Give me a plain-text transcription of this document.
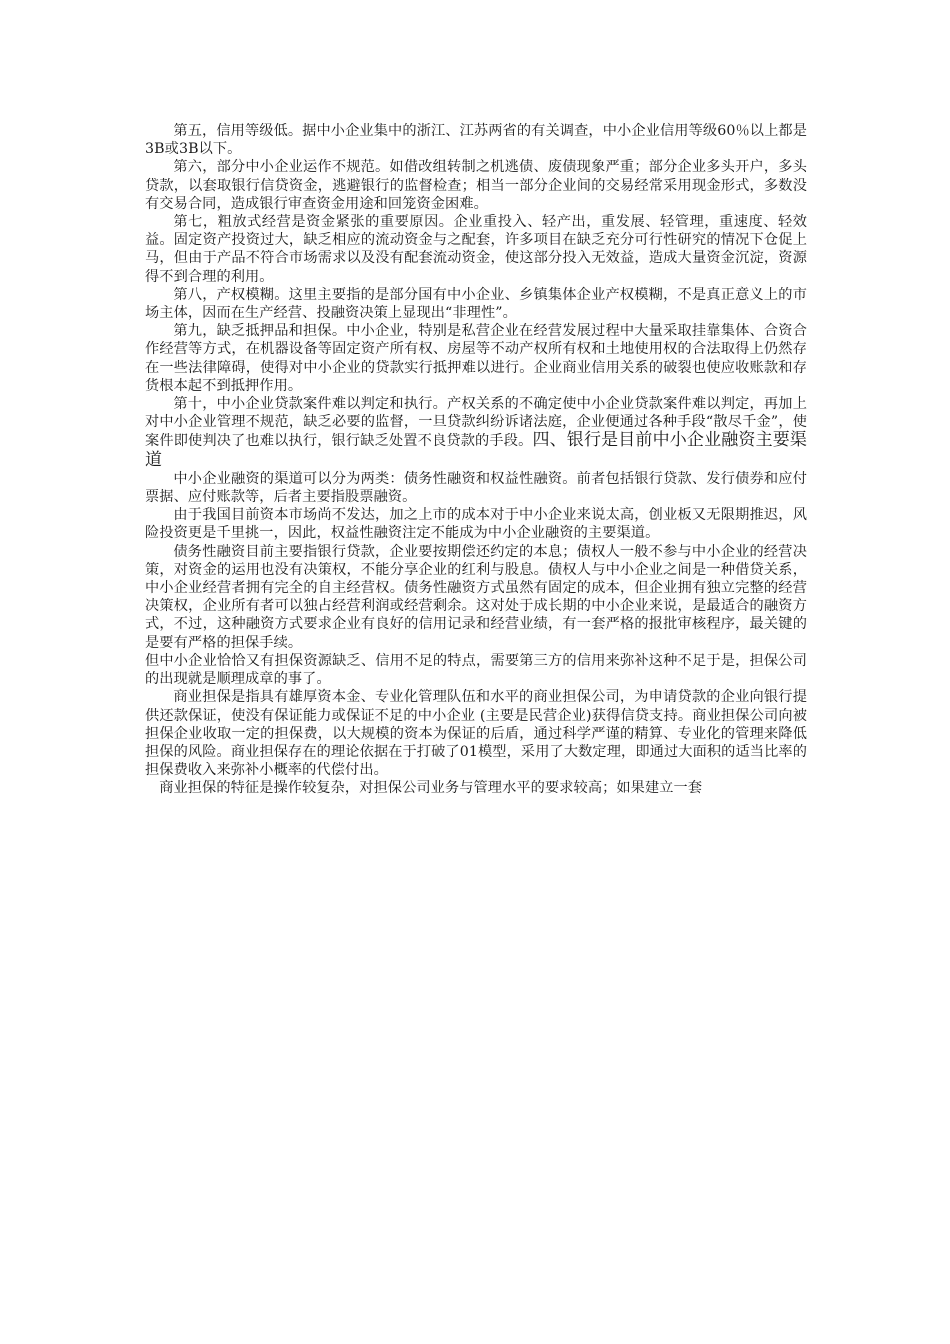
第五，信用等级低。据中小企业集中的浙江、江苏两省的有关调查，中小企业信用等级60％以上都是3B或3B以下。

第六，部分中小企业运作不规范。如借改组转制之机逃债、废债现象严重；部分企业多头开户，多头贷款，以套取银行信贷资金，逃避银行的监督检查；相当一部分企业间的交易经常采用现金形式，多数没有交易合同，造成银行审查资金用途和回笼资金困难。

第七，粗放式经营是资金紧张的重要原因。企业重投入、轻产出，重发展、轻管理，重速度、轻效益。固定资产投资过大，缺乏相应的流动资金与之配套，许多项目在缺乏充分可行性研究的情况下仓促上马，但由于产品不符合市场需求以及没有配套流动资金，使这部分投入无效益，造成大量资金沉淀，资源得不到合理的利用。

第八，产权模糊。这里主要指的是部分国有中小企业、乡镇集体企业产权模糊，不是真正意义上的市场主体，因而在生产经营、投融资决策上显现出“非理性”。

第九，缺乏抵押品和担保。中小企业，特别是私营企业在经营发展过程中大量采取挂靠集体、合资合作经营等方式，在机器设备等固定资产所有权、房屋等不动产权所有权和土地使用权的合法取得上仍然存在一些法律障碍，使得对中小企业的贷款实行抵押难以进行。企业商业信用关系的破裂也使应收账款和存货根本起不到抵押作用。

第十，中小企业贷款案件难以判定和执行。产权关系的不确定使中小企业贷款案件难以判定，再加上对中小企业管理不规范，缺乏必要的监督，一旦贷款纠纷诉诸法庭，企业便通过各种手段“散尽千金”，使案件即使判决了也难以执行，银行缺乏处置不良贷款的手段。四、银行是目前中小企业融资主要渠道

中小企业融资的渠道可以分为两类：债务性融资和权益性融资。前者包括银行贷款、发行债券和应付票据、应付账款等，后者主要指股票融资。

由于我国目前资本市场尚不发达，加之上市的成本对于中小企业来说太高，创业板又无限期推迟，风险投资更是千里挑一，因此，权益性融资注定不能成为中小企业融资的主要渠道。

债务性融资目前主要指银行贷款，企业要按期偿还约定的本息；债权人一般不参与中小企业的经营决策，对资金的运用也没有决策权，不能分享企业的红利与股息。债权人与中小企业之间是一种借贷关系，中小企业经营者拥有完全的自主经营权。债务性融资方式虽然有固定的成本，但企业拥有独立完整的经营决策权，企业所有者可以独占经营利润或经营剩余。这对处于成长期的中小企业来说，是最适合的融资方式，不过，这种融资方式要求企业有良好的信用记录和经营业绩，有一套严格的报批审核程序，最关键的是要有严格的担保手续。

但中小企业恰恰又有担保资源缺乏、信用不足的特点，需要第三方的信用来弥补这种不足于是，担保公司的出现就是顺理成章的事了。

商业担保是指具有雄厚资本金、专业化管理队伍和水平的商业担保公司，为申请贷款的企业向银行提供还款保证，使没有保证能力或保证不足的中小企业 (主要是民营企业)获得信贷支持。商业担保公司向被担保企业收取一定的担保费，以大规模的资本为保证的后盾，通过科学严谨的精算、专业化的管理来降低担保的风险。商业担保存在的理论依据在于打破了01模型，采用了大数定理，即通过大面积的适当比率的担保费收入来弥补小概率的代偿付出。

商业担保的特征是操作较复杂，对担保公司业务与管理水平的要求较高；如果建立一套
